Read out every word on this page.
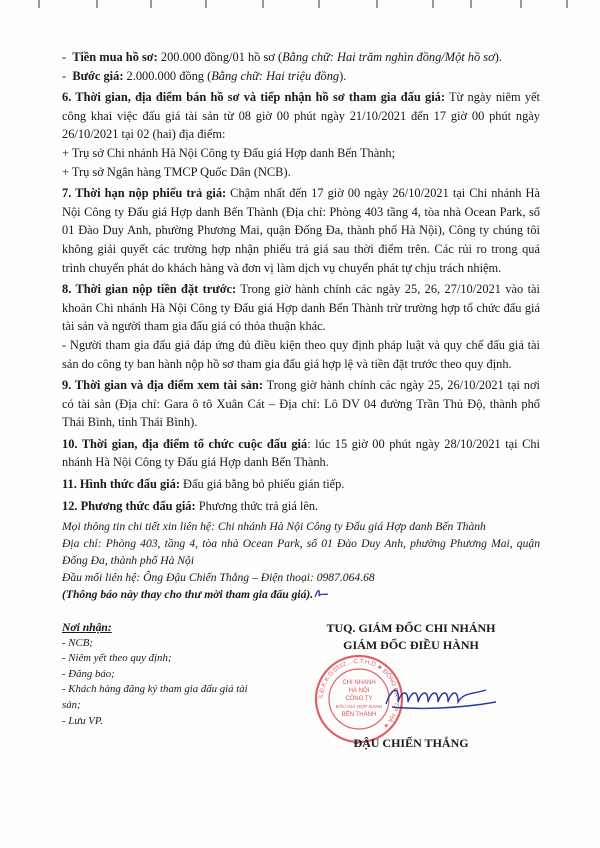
-  Tiền mua hồ sơ: 200.000 đồng/01 hồ sơ (Bằng chữ: Hai trăm nghìn đồng/Một hồ sơ).

-  Bước giá: 2.000.000 đồng (Bằng chữ: Hai triệu đồng).

6. Thời gian, địa điểm bán hồ sơ và tiếp nhận hồ sơ tham gia đấu giá: Từ ngày niêm yết công khai việc đấu giá tài sản từ 08 giờ 00 phút ngày 21/10/2021 đến 17 giờ 00 phút ngày 26/10/2021 tại 02 (hai) địa điểm:

+ Trụ sở Chi nhánh Hà Nội Công ty Đấu giá Hợp danh Bến Thành;

+ Trụ sở Ngân hàng TMCP Quốc Dân (NCB).

7. Thời hạn nộp phiếu trả giá: Chậm nhất đến 17 giờ 00 ngày 26/10/2021 tại Chi nhánh Hà Nội Công ty Đấu giá Hợp danh Bến Thành (Địa chỉ: Phòng 403 tầng 4, tòa nhà Ocean Park, số 01 Đào Duy Anh, phường Phương Mai, quận Đống Đa, thành phố Hà Nội), Công ty chúng tôi không giải quyết các trường hợp nhận phiếu trả giá sau thời điểm trên. Các rủi ro trong quá trình chuyển phát do khách hàng và đơn vị làm dịch vụ chuyển phát tự chịu trách nhiệm.

8. Thời gian nộp tiền đặt trước: Trong giờ hành chính các ngày 25, 26, 27/10/2021 vào tài khoản Chi nhánh Hà Nội Công ty Đấu giá Hợp danh Bến Thành trừ trường hợp tổ chức đấu giá tài sản và người tham gia đấu giá có thỏa thuận khác.

- Người tham gia đấu giá đáp ứng đủ điều kiện theo quy định pháp luật và quy chế đấu giá tài sản do công ty ban hành nộp hồ sơ tham gia đấu giá hợp lệ và tiền đặt trước theo quy định.

9. Thời gian và địa điểm xem tài sản: Trong giờ hành chính các ngày 25, 26/10/2021 tại nơi có tài sản (Địa chỉ: Gara ô tô Xuân Cát – Địa chỉ: Lô DV 04 đường Trần Thủ Độ, thành phố Thái Bình, tỉnh Thái Bình).

10. Thời gian, địa điểm tổ chức cuộc đấu giá: lúc 15 giờ 00 phút ngày 28/10/2021 tại Chi nhánh Hà Nội Công ty Đấu giá Hợp danh Bến Thành.

11. Hình thức đấu giá: Đấu giá bằng bỏ phiếu gián tiếp.

12. Phương thức đấu giá: Phương thức trả giá lên.

Mọi thông tin chi tiết xin liên hệ: Chi nhánh Hà Nội Công ty Đấu giá Hợp danh Bến Thành

Địa chỉ: Phòng 403, tầng 4, tòa nhà Ocean Park, số 01 Đào Duy Anh, phường Phương Mai, quận Đống Đa, thành phố Hà Nội

Đầu mối liên hệ: Ông Đậu Chiến Thắng – Điện thoại: 0987.064.68

(Thông báo này thay cho thư mời tham gia đấu giá).

Nơi nhận:
- NCB;
- Niêm yết theo quy định;
- Đăng báo;
- Khách hàng đăng ký tham gia đấu giá tài sản;
- Lưu VP.
TUQ. GIÁM ĐỐC CHI NHÁNH
GIÁM ĐỐC ĐIỀU HÀNH
S.Đ.K.K.D.0312...-C.T.H.D ★ ĐỐNG ĐA - T.P. HÀ ★
CHI NHÁNH
HÀ NỘI
CÔNG TY
ĐẤU GIÁ HỢP DANH
BẾN THÀNH
ĐẬU CHIẾN THẮNG
